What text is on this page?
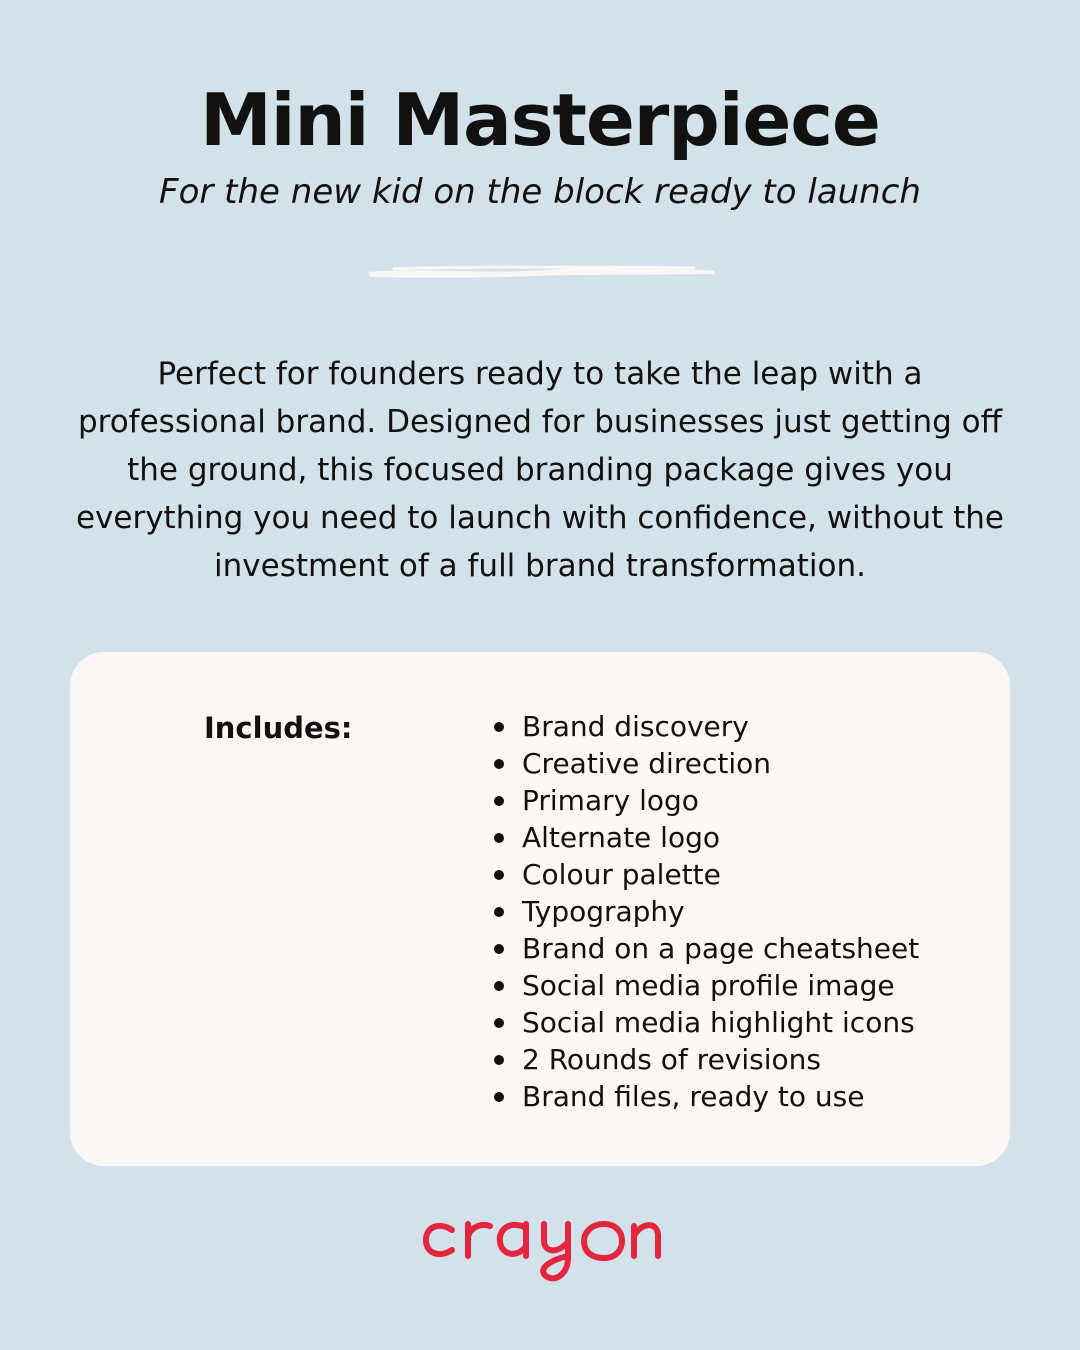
Mini Masterpiece

For the new kid on the block ready to launch

Perfect for founders ready to take the leap with a professional brand. Designed for businesses just getting off the ground, this focused branding package gives you everything you need to launch with confidence, without the investment of a full brand transformation.

Includes:	Brand discovery
Creative direction
Primary logo
Alternate logo
Colour palette
Typography
Brand on a page cheatsheet
Social media profile image
Social media highlight icons
2 Rounds of revisions
Brand files, ready to use
crayon
